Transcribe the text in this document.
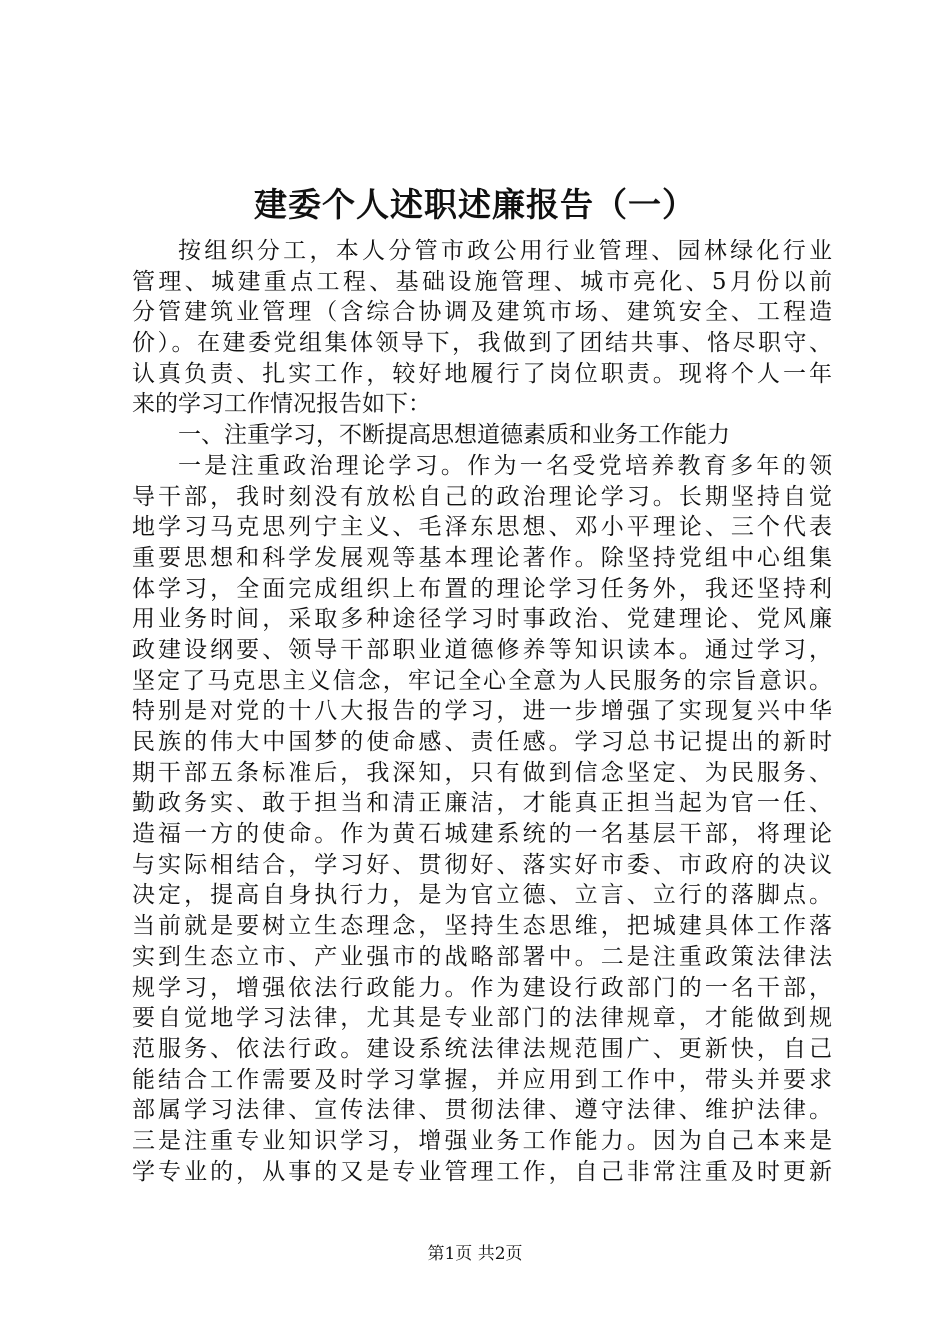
建委个人述职述廉报告（一）
按组织分工，本人分管市政公用行业管理、园林绿化行业
管理、城建重点工程、基础设施管理、城市亮化、5月份以前
分管建筑业管理（含综合协调及建筑市场、建筑安全、工程造
价）。在建委党组集体领导下，我做到了团结共事、恪尽职守、
认真负责、扎实工作，较好地履行了岗位职责。现将个人一年
来的学习工作情况报告如下：
一、注重学习，不断提高思想道德素质和业务工作能力
一是注重政治理论学习。作为一名受党培养教育多年的领
导干部，我时刻没有放松自己的政治理论学习。长期坚持自觉
地学习马克思列宁主义、毛泽东思想、邓小平理论、三个代表
重要思想和科学发展观等基本理论著作。除坚持党组中心组集
体学习，全面完成组织上布置的理论学习任务外，我还坚持利
用业务时间，采取多种途径学习时事政治、党建理论、党风廉
政建设纲要、领导干部职业道德修养等知识读本。通过学习，
坚定了马克思主义信念，牢记全心全意为人民服务的宗旨意识。
特别是对党的十八大报告的学习，进一步增强了实现复兴中华
民族的伟大中国梦的使命感、责任感。学习总书记提出的新时
期干部五条标准后，我深知，只有做到信念坚定、为民服务、
勤政务实、敢于担当和清正廉洁，才能真正担当起为官一任、
造福一方的使命。作为黄石城建系统的一名基层干部，将理论
与实际相结合，学习好、贯彻好、落实好市委、市政府的决议
决定，提高自身执行力，是为官立德、立言、立行的落脚点。
当前就是要树立生态理念，坚持生态思维，把城建具体工作落
实到生态立市、产业强市的战略部署中。二是注重政策法律法
规学习，增强依法行政能力。作为建设行政部门的一名干部，
要自觉地学习法律，尤其是专业部门的法律规章，才能做到规
范服务、依法行政。建设系统法律法规范围广、更新快，自己
能结合工作需要及时学习掌握，并应用到工作中，带头并要求
部属学习法律、宣传法律、贯彻法律、遵守法律、维护法律。
三是注重专业知识学习，增强业务工作能力。因为自己本来是
学专业的，从事的又是专业管理工作，自己非常注重及时更新
第1页 共2页
